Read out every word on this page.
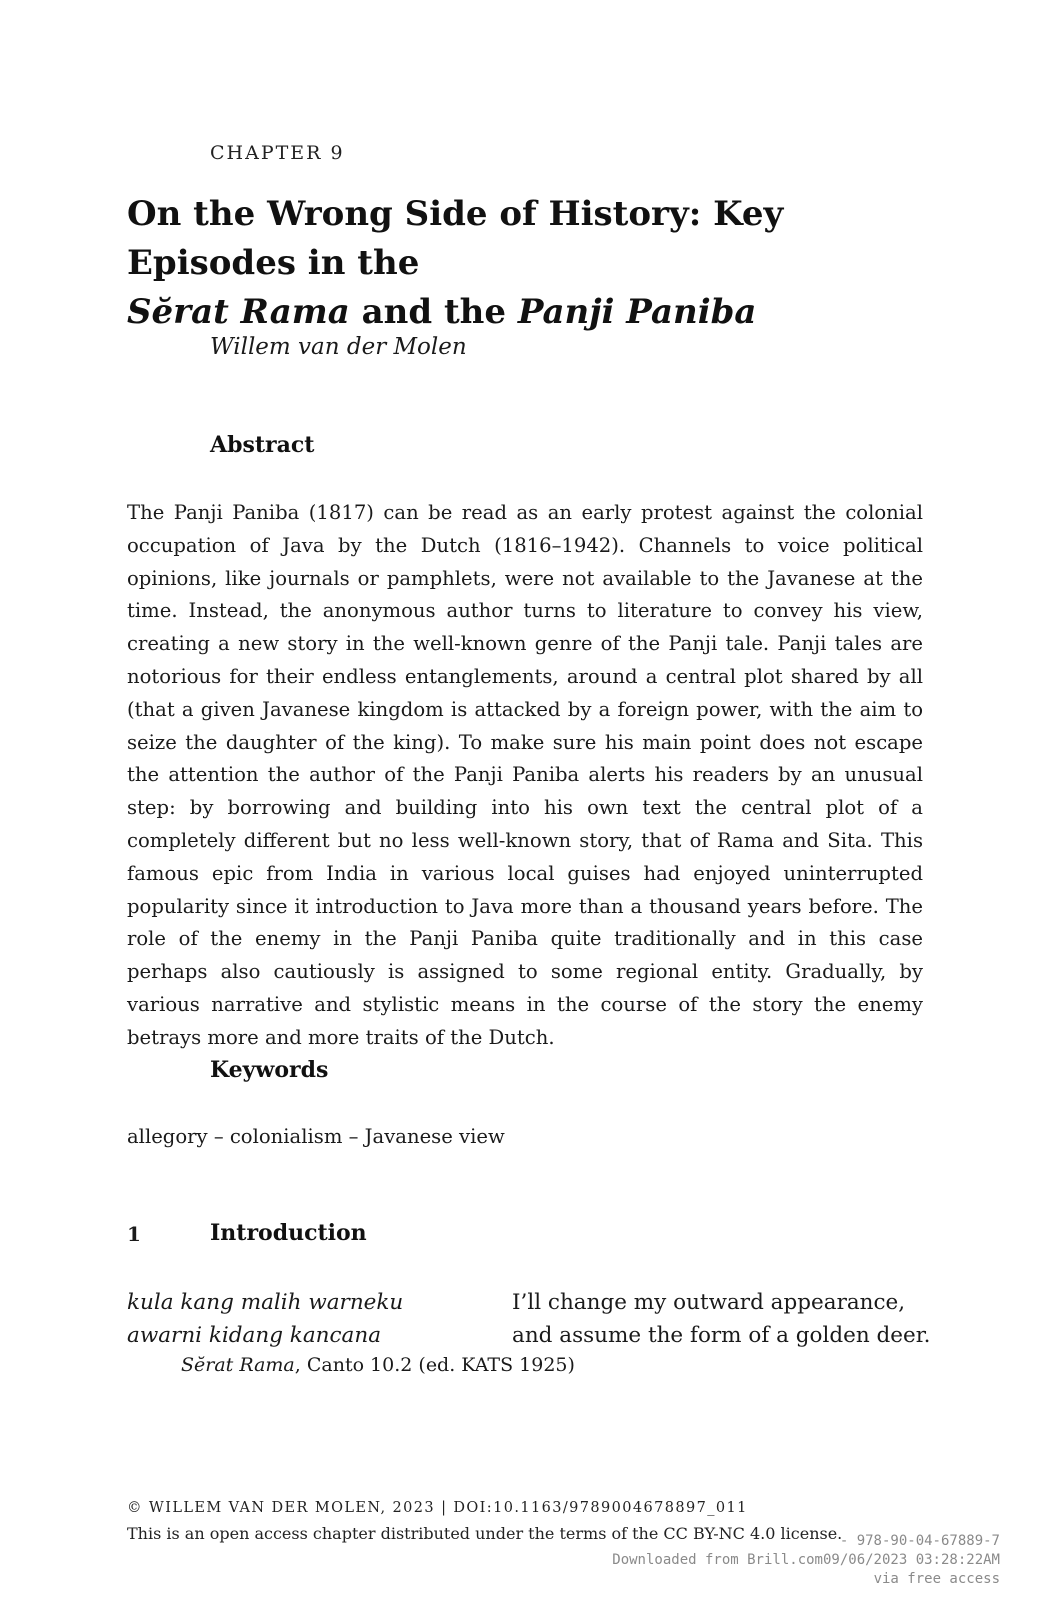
CHAPTER 9
On the Wrong Side of History: Key Episodes in the
Sĕrat Rama and the Panji Paniba
Willem van der Molen
Abstract

The Panji Paniba (1817) can be read as an early protest against the colonial occupation of Java by the Dutch (1816–1942). Channels to voice political opinions, like journals or pamphlets, were not available to the Javanese at the time. Instead, the anonymous author turns to literature to convey his view, creating a new story in the well-known genre of the Panji tale. Panji tales are notorious for their endless entanglements, around a central plot shared by all (that a given Javanese kingdom is attacked by a foreign power, with the aim to seize the daughter of the king). To make sure his main point does not escape the attention the author of the Panji Paniba alerts his readers by an unusual step: by borrowing and building into his own text the central plot of a completely different but no less well-known story, that of Rama and Sita. This famous epic from India in various local guises had enjoyed uninterrupted popularity since it introduction to Java more than a thousand years before. The role of the enemy in the Panji Paniba quite traditionally and in this case perhaps also cautiously is assigned to some regional entity. Gradually, by various narrative and stylistic means in the course of the story the enemy betrays more and more traits of the Dutch.

Keywords
allegory – colonialism – Javanese view
1	Introduction
kula kang malih warneku
awarni kidang kancana
I’ll change my outward appearance,
and assume the form of a golden deer.
Sĕrat Rama, Canto 10.2 (ed. KATS 1925)
© WILLEM VAN DER MOLEN, 2023 | DOI:10.1163/9789004678897_011
This is an open access chapter distributed under the terms of the CC BY-NC 4.0 license.
- 978-90-04-67889-7
Downloaded from Brill.com09/06/2023 03:28:22AM
via free access
